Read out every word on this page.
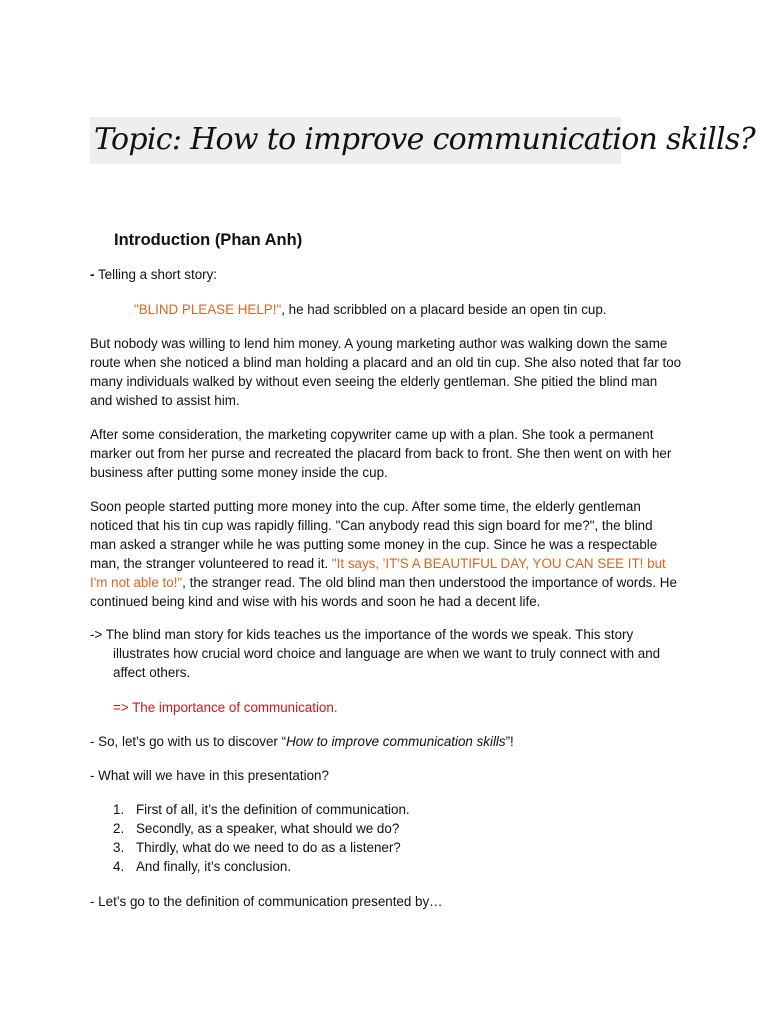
Topic: How to improve communication skills?
Introduction (Phan Anh)

- Telling a short story:

"BLIND PLEASE HELP!", he had scribbled on a placard beside an open tin cup.

But nobody was willing to lend him money. A young marketing author was walking down the same route when she noticed a blind man holding a placard and an old tin cup. She also noted that far too many individuals walked by without even seeing the elderly gentleman. She pitied the blind man and wished to assist him.

After some consideration, the marketing copywriter came up with a plan. She took a permanent marker out from her purse and recreated the placard from back to front. She then went on with her business after putting some money inside the cup.

Soon people started putting more money into the cup. After some time, the elderly gentleman noticed that his tin cup was rapidly filling. "Can anybody read this sign board for me?", the blind man asked a stranger while he was putting some money in the cup. Since he was a respectable man, the stranger volunteered to read it. "It says, 'IT'S A BEAUTIFUL DAY, YOU CAN SEE IT! but I'm not able to!", the stranger read. The old blind man then understood the importance of words. He continued being kind and wise with his words and soon he had a decent life.

-> The blind man story for kids teaches us the importance of the words we speak. This story illustrates how crucial word choice and language are when we want to truly connect with and affect others.

=> The importance of communication.

- So, let's go with us to discover “How to improve communication skills”!

- What will we have in this presentation?

1. First of all, it’s the definition of communication.
2. Secondly, as a speaker, what should we do?
3. Thirdly, what do we need to do as a listener?
4. And finally, it’s conclusion.

- Let’s go to the definition of communication presented by…
